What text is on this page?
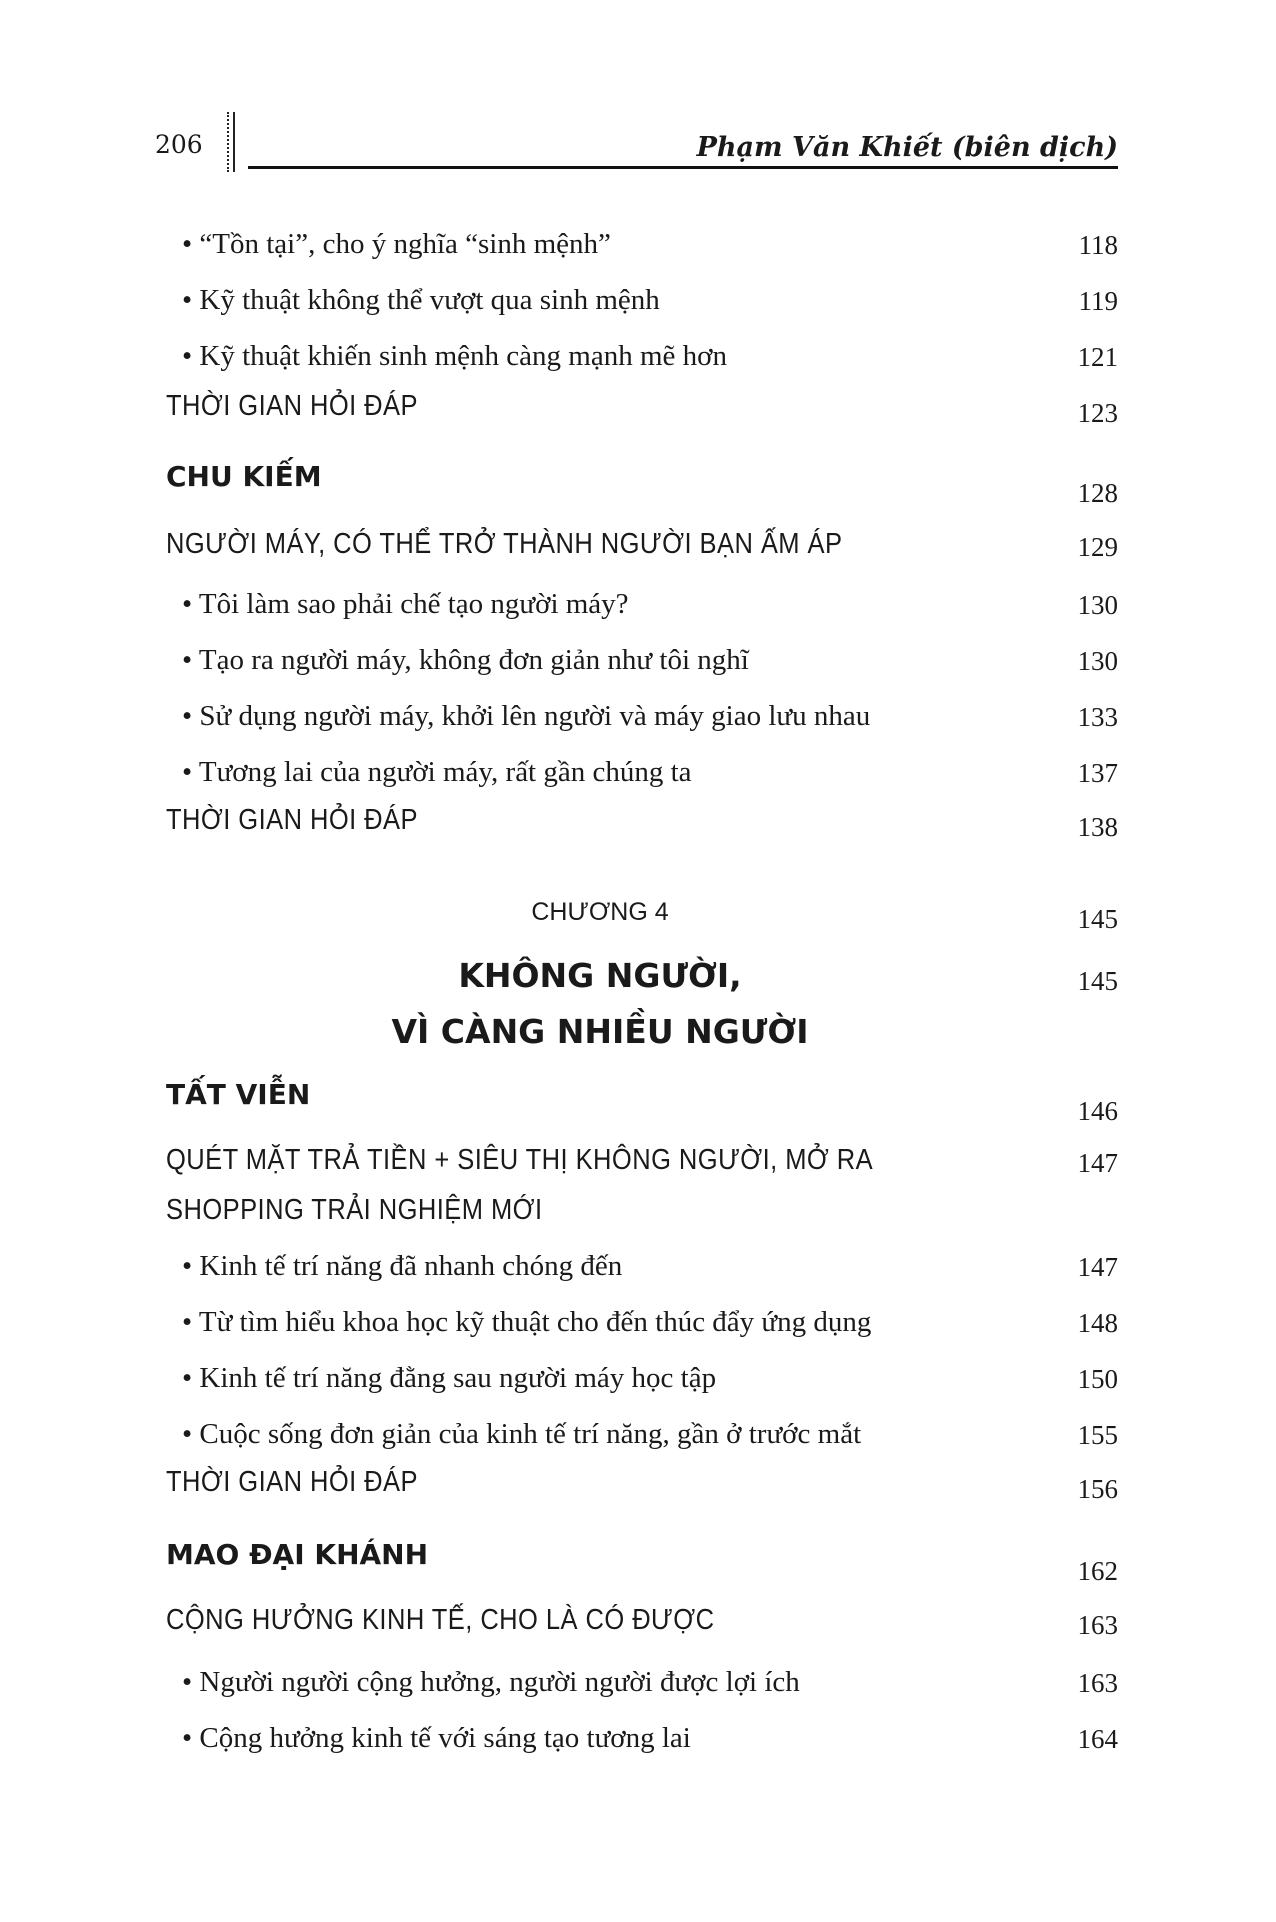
206	Phạm Văn Khiết (biên dịch)
• “Tồn tại”, cho ý nghĩa “sinh mệnh”	118
• Kỹ thuật không thể vượt qua sinh mệnh	119
• Kỹ thuật khiến sinh mệnh càng mạnh mẽ hơn	121
THỜI GIAN HỎI ĐÁP	123
CHU KIẾM	128
NGƯỜI MÁY, CÓ THỂ TRỞ THÀNH NGƯỜI BẠN ẤM ÁP	129
• Tôi làm sao phải chế tạo người máy?	130
• Tạo ra người máy, không đơn giản như tôi nghĩ	130
• Sử dụng người máy, khởi lên người và máy giao lưu nhau	133
• Tương lai của người máy, rất gần chúng ta	137
THỜI GIAN HỎI ĐÁP	138
CHƯƠNG 4	145
KHÔNG NGƯỜI,
VÌ CÀNG NHIỀU NGƯỜI
145
TẤT VIỄN	146
QUÉT MẶT TRẢ TIỀN + SIÊU THỊ KHÔNG NGƯỜI, MỞ RA
SHOPPING TRẢI NGHIỆM MỚI
147
• Kinh tế trí năng đã nhanh chóng đến	147
• Từ tìm hiểu khoa học kỹ thuật cho đến thúc đẩy ứng dụng	148
• Kinh tế trí năng đằng sau người máy học tập	150
• Cuộc sống đơn giản của kinh tế trí năng, gần ở trước mắt	155
THỜI GIAN HỎI ĐÁP	156
MAO ĐẠI KHÁNH	162
CỘNG HƯỞNG KINH TẾ, CHO LÀ CÓ ĐƯỢC	163
• Người người cộng hưởng, người người được lợi ích	163
• Cộng hưởng kinh tế với sáng tạo tương lai	164
